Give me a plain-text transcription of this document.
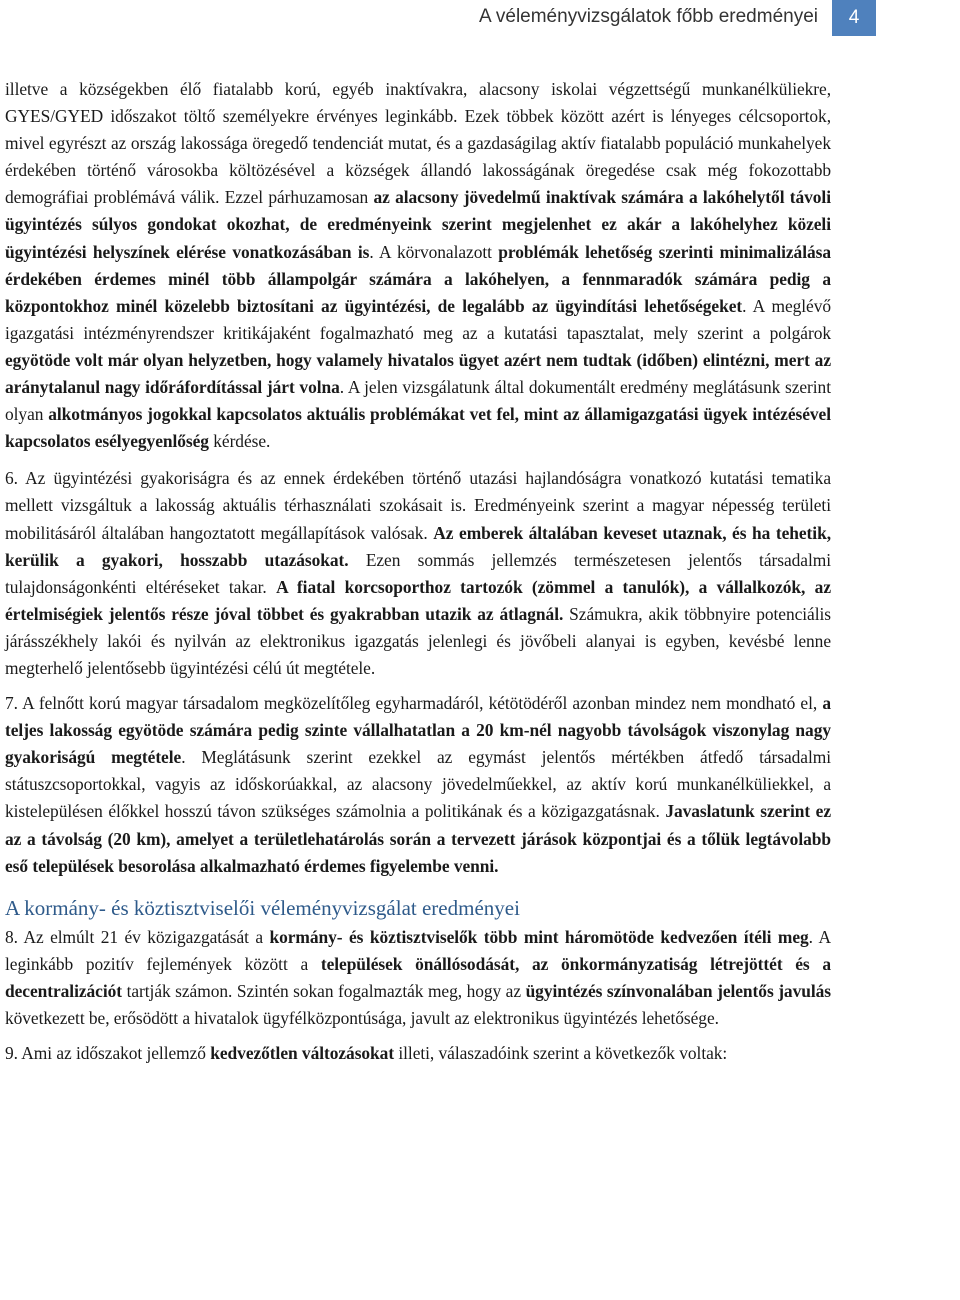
A véleményvizsgálatok főbb eredményei	4

illetve a községekben élő fiatalabb korú, egyéb inaktívakra, alacsony iskolai végzettségű munkanélküliekre, GYES/GYED időszakot töltő személyekre érvényes leginkább. Ezek többek között azért is lényeges célcsoportok, mivel egyrészt az ország lakossága öregedő tendenciát mutat, és a gazdaságilag aktív fiatalabb populáció munkahelyek érdekében történő városokba költözésével a községek állandó lakosságának öregedése csak még fokozottabb demográfiai problémává válik. Ezzel párhuzamosan az alacsony jövedelmű inaktívak számára a lakóhelytől távoli ügyintézés súlyos gondokat okozhat, de eredményeink szerint megjelenhet ez akár a lakóhelyhez közeli ügyintézési helyszínek elérése vonatkozásában is. A körvonalazott problémák lehetőség szerinti minimalizálása érdekében érdemes minél több állampolgár számára a lakóhelyen, a fennmaradók számára pedig a központokhoz minél közelebb biztosítani az ügyintézési, de legalább az ügyindítási lehetőségeket. A meglévő igazgatási intézményrendszer kritikájaként fogalmazható meg az a kutatási tapasztalat, mely szerint a polgárok egyötöde volt már olyan helyzetben, hogy valamely hivatalos ügyet azért nem tudtak (időben) elintézni, mert az aránytalanul nagy időráfordítással járt volna. A jelen vizsgálatunk által dokumentált eredmény meglátásunk szerint olyan alkotmányos jogokkal kapcsolatos aktuális problémákat vet fel, mint az államigazgatási ügyek intézésével kapcsolatos esélyegyenlőség kérdése.

6. Az ügyintézési gyakoriságra és az ennek érdekében történő utazási hajlandóságra vonatkozó kutatási tematika mellett vizsgáltuk a lakosság aktuális térhasználati szokásait is. Eredményeink szerint a magyar népesség területi mobilitásáról általában hangoztatott megállapítások valósak. Az emberek általában keveset utaznak, és ha tehetik, kerülik a gyakori, hosszabb utazásokat. Ezen sommás jellemzés természetesen jelentős társadalmi tulajdonságonkénti eltéréseket takar. A fiatal korcsoporthoz tartozók (zömmel a tanulók), a vállalkozók, az értelmiségiek jelentős része jóval többet és gyakrabban utazik az átlagnál. Számukra, akik többnyire potenciális járásszékhely lakói és nyilván az elektronikus igazgatás jelenlegi és jövőbeli alanyai is egyben, kevésbé lenne megterhelő jelentősebb ügyintézési célú út megtétele.

7. A felnőtt korú magyar társadalom megközelítőleg egyharmadáról, kétötödéről azonban mindez nem mondható el, a teljes lakosság egyötöde számára pedig szinte vállalhatatlan a 20 km-nél nagyobb távolságok viszonylag nagy gyakoriságú megtétele. Meglátásunk szerint ezekkel az egymást jelentős mértékben átfedő társadalmi státuszcsoportokkal, vagyis az időskorúakkal, az alacsony jövedelműekkel, az aktív korú munkanélküliekkel, a kistelepülésen élőkkel hosszú távon szükséges számolnia a politikának és a közigazgatásnak. Javaslatunk szerint ez az a távolság (20 km), amelyet a területlehatárolás során a tervezett járások központjai és a tőlük legtávolabb eső települések besorolása alkalmazható érdemes figyelembe venni.

A kormány- és köztisztviselői véleményvizsgálat eredményei

8. Az elmúlt 21 év közigazgatását a kormány- és köztisztviselők több mint háromötöde kedvezően ítéli meg. A leginkább pozitív fejlemények között a települések önállósodását, az önkormányzatiság létrejöttét és a decentralizációt tartják számon. Szintén sokan fogalmazták meg, hogy az ügyintézés színvonalában jelentős javulás következett be, erősödött a hivatalok ügyfélközpontúsága, javult az elektronikus ügyintézés lehetősége.

9. Ami az időszakot jellemző kedvezőtlen változásokat illeti, válaszadóink szerint a következők voltak:
